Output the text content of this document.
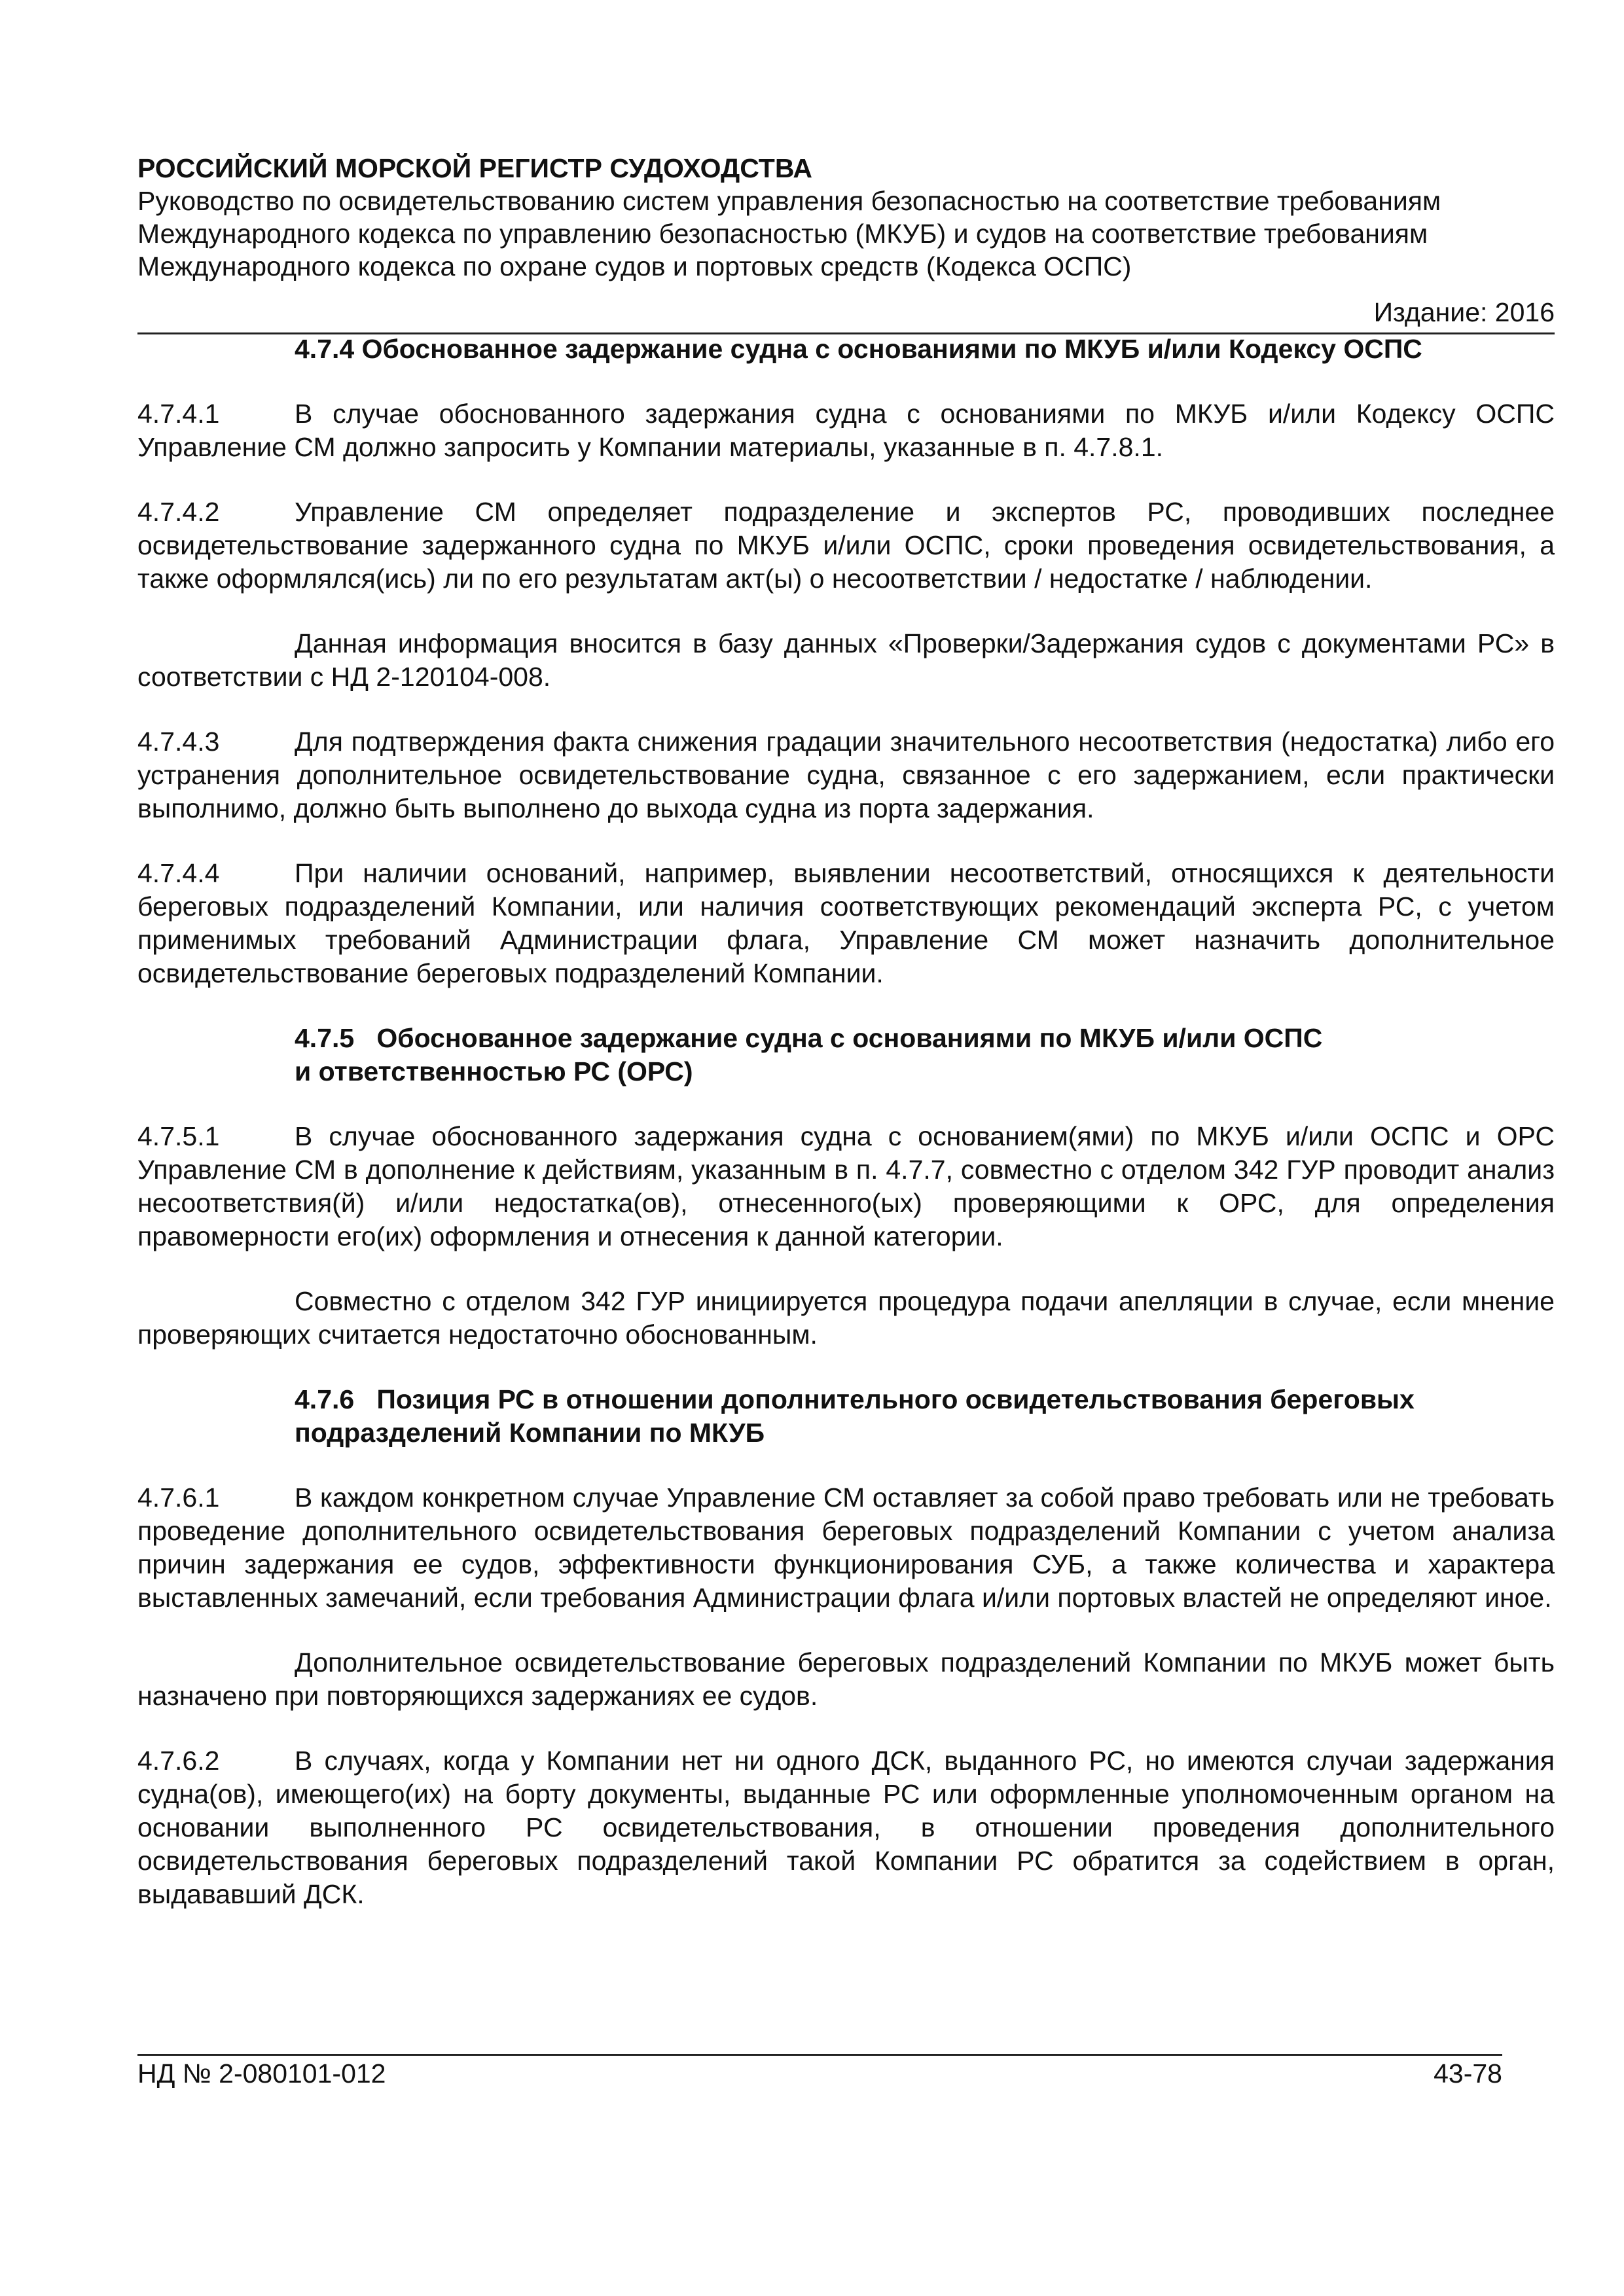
РОССИЙСКИЙ МОРСКОЙ РЕГИСТР СУДОХОДСТВА
Руководство по освидетельствованию систем управления безопасностью на соответствие требованиям
Международного кодекса по управлению безопасностью (МКУБ) и судов на соответствие требованиям
Международного кодекса по охране судов и портовых средств (Кодекса ОСПС)
Издание: 2016
4.7.4 Обоснованное задержание судна с основаниями по МКУБ и/или Кодексу ОСПС
4.7.4.1	В случае обоснованного задержания судна с основаниями по МКУБ и/или Кодексу ОСПС Управление СМ должно запросить у Компании материалы, указанные в п. 4.7.8.1.
4.7.4.2	Управление СМ определяет подразделение и экспертов РС, проводивших последнее освидетельствование задержанного судна по МКУБ и/или ОСПС, сроки проведения освидетельствования, а также оформлялся(ись) ли по его результатам акт(ы) о несоответствии / недостатке / наблюдении.
Данная информация вносится в базу данных «Проверки/Задержания судов с документами РС» в соответствии с НД 2-120104-008.
4.7.4.3	Для подтверждения факта снижения градации значительного несоответствия (недостатка) либо его устранения дополнительное освидетельствование судна, связанное с его задержанием, если практически выполнимо, должно быть выполнено до выхода судна из порта задержания.
4.7.4.4	При наличии оснований, например, выявлении несоответствий, относящихся к деятельности береговых подразделений Компании, или наличия соответствующих рекомендаций эксперта РС, с учетом применимых требований Администрации флага, Управление СМ может назначить дополнительное освидетельствование береговых подразделений Компании.
4.7.5   Обоснованное задержание судна с основаниями по МКУБ и/или ОСПС
и ответственностью РС (ОРС)
4.7.5.1	В случае обоснованного задержания судна с основанием(ями) по МКУБ и/или ОСПС и ОРС Управление СМ в дополнение к действиям, указанным в п. 4.7.7, совместно с отделом 342 ГУР проводит анализ несоответствия(й) и/или недостатка(ов), отнесенного(ых) проверяющими к ОРС, для определения правомерности его(их) оформления и отнесения к данной категории.
Совместно с отделом 342 ГУР инициируется процедура подачи апелляции в случае, если мнение проверяющих считается недостаточно обоснованным.
4.7.6   Позиция РС в отношении дополнительного освидетельствования береговых
подразделений Компании по МКУБ
4.7.6.1	В каждом конкретном случае Управление СМ оставляет за собой право требовать или не требовать проведение дополнительного освидетельствования береговых подразделений Компании с учетом анализа причин задержания ее судов, эффективности функционирования СУБ, а также количества и характера выставленных замечаний, если требования Администрации флага и/или портовых властей не определяют иное.
Дополнительное освидетельствование береговых подразделений Компании по МКУБ может быть назначено при повторяющихся задержаниях ее судов.
4.7.6.2	В случаях, когда у Компании нет ни одного ДСК, выданного РС, но имеются случаи задержания судна(ов), имеющего(их) на борту документы, выданные РС или оформленные уполномоченным органом на основании выполненного РС освидетельствования, в отношении проведения дополнительного освидетельствования береговых подразделений такой Компании РС обратится за содействием в орган, выдававший ДСК.
НД № 2-080101-012	43-78
